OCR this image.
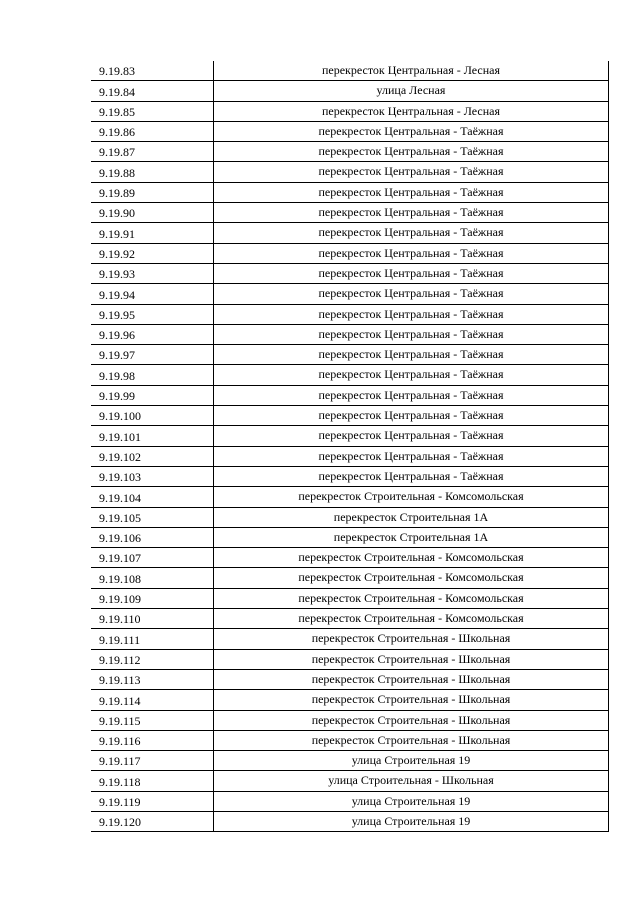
9.19.83	перекресток Центральная - Лесная
9.19.84	улица Лесная
9.19.85	перекресток Центральная - Лесная
9.19.86	перекресток Центральная - Таёжная
9.19.87	перекресток Центральная - Таёжная
9.19.88	перекресток Центральная - Таёжная
9.19.89	перекресток Центральная - Таёжная
9.19.90	перекресток Центральная - Таёжная
9.19.91	перекресток Центральная - Таёжная
9.19.92	перекресток Центральная - Таёжная
9.19.93	перекресток Центральная - Таёжная
9.19.94	перекресток Центральная - Таёжная
9.19.95	перекресток Центральная - Таёжная
9.19.96	перекресток Центральная - Таёжная
9.19.97	перекресток Центральная - Таёжная
9.19.98	перекресток Центральная - Таёжная
9.19.99	перекресток Центральная - Таёжная
9.19.100	перекресток Центральная - Таёжная
9.19.101	перекресток Центральная - Таёжная
9.19.102	перекресток Центральная - Таёжная
9.19.103	перекресток Центральная - Таёжная
9.19.104	перекресток Строительная - Комсомольская
9.19.105	перекресток Строительная 1А
9.19.106	перекресток Строительная 1А
9.19.107	перекресток Строительная - Комсомольская
9.19.108	перекресток Строительная - Комсомольская
9.19.109	перекресток Строительная - Комсомольская
9.19.110	перекресток Строительная - Комсомольская
9.19.111	перекресток Строительная - Школьная
9.19.112	перекресток Строительная - Школьная
9.19.113	перекресток Строительная - Школьная
9.19.114	перекресток Строительная - Школьная
9.19.115	перекресток Строительная - Школьная
9.19.116	перекресток Строительная - Школьная
9.19.117	улица Строительная 19
9.19.118	улица Строительная - Школьная
9.19.119	улица Строительная 19
9.19.120	улица Строительная 19
